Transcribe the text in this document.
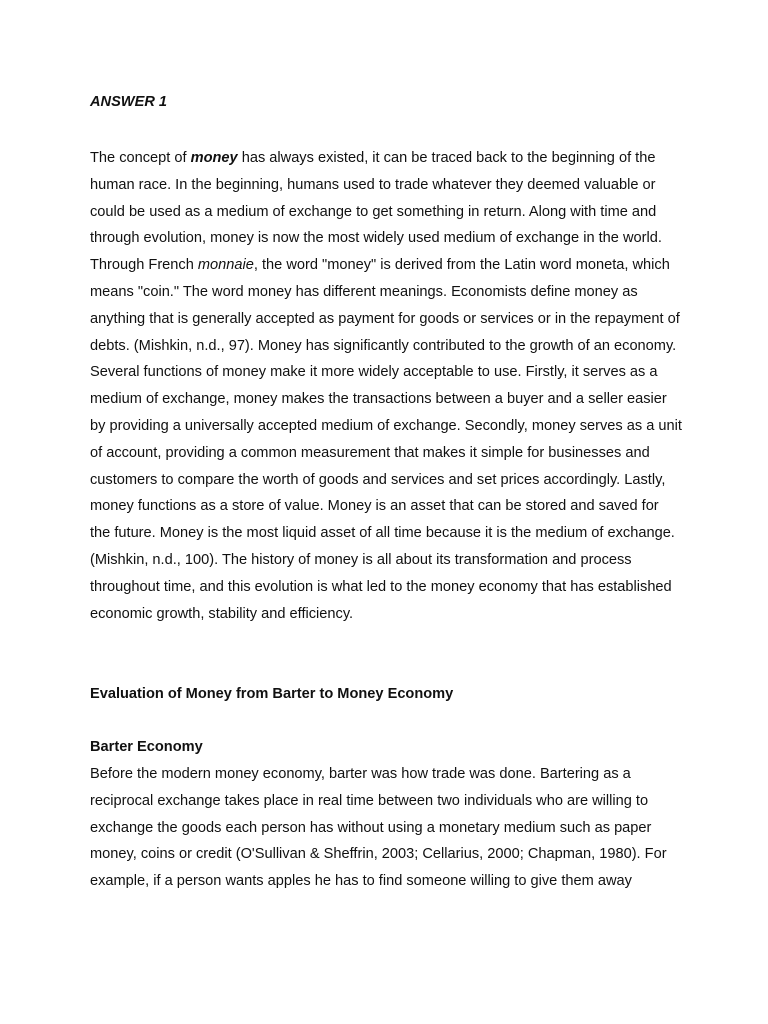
ANSWER 1

The concept of money has always existed, it can be traced back to the beginning of the human race. In the beginning, humans used to trade whatever they deemed valuable or could be used as a medium of exchange to get something in return. Along with time and through evolution, money is now the most widely used medium of exchange in the world. Through French monnaie, the word "money" is derived from the Latin word moneta, which means "coin." The word money has different meanings. Economists define money as anything that is generally accepted as payment for goods or services or in the repayment of debts. (Mishkin, n.d., 97). Money has significantly contributed to the growth of an economy. Several functions of money make it more widely acceptable to use. Firstly, it serves as a medium of exchange, money makes the transactions between a buyer and a seller easier by providing a universally accepted medium of exchange. Secondly, money serves as a unit of account, providing a common measurement that makes it simple for businesses and customers to compare the worth of goods and services and set prices accordingly. Lastly, money functions as a store of value. Money is an asset that can be stored and saved for the future. Money is the most liquid asset of all time because it is the medium of exchange. (Mishkin, n.d., 100). The history of money is all about its transformation and process throughout time, and this evolution is what led to the money economy that has established economic growth, stability and efficiency.

Evaluation of Money from Barter to Money Economy

Barter Economy

Before the modern money economy, barter was how trade was done. Bartering as a reciprocal exchange takes place in real time between two individuals who are willing to exchange the goods each person has without using a monetary medium such as paper money, coins or credit (O'Sullivan & Sheffrin, 2003; Cellarius, 2000; Chapman, 1980). For example, if a person wants apples he has to find someone willing to give them away
